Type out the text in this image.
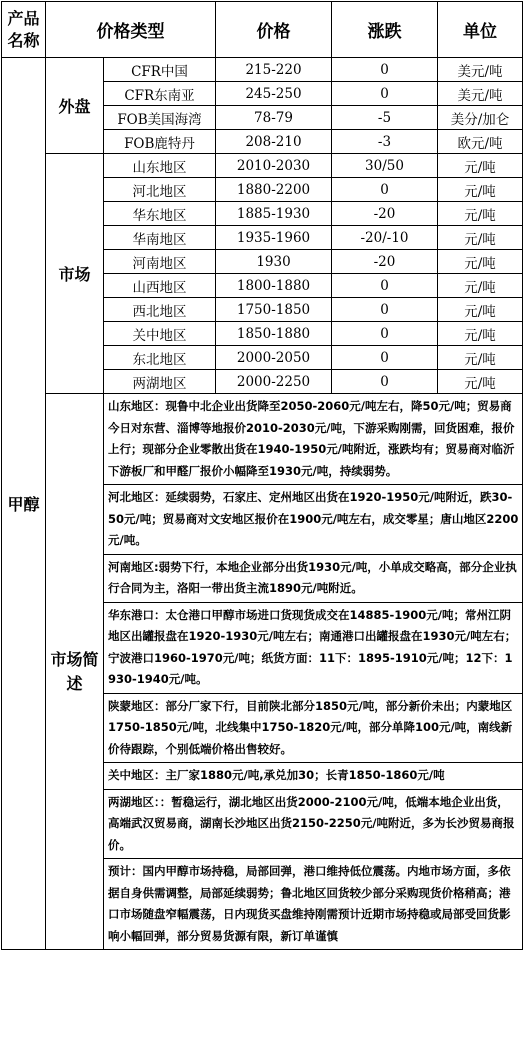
产品名称	价格类型		价格	涨跌	单位
甲醇	外盘	CFR中国	215-220	0	美元/吨
		CFR东南亚	245-250	0	美元/吨
		FOB美国海湾	78-79	-5	美分/加仑
		FOB鹿特丹	208-210	-3	欧元/吨
	市场	山东地区	2010-2030	30/50	元/吨
		河北地区	1880-2200	0	元/吨
		华东地区	1885-1930	-20	元/吨
		华南地区	1935-1960	-20/-10	元/吨
		河南地区	1930	-20	元/吨
		山西地区	1800-1880	0	元/吨
		西北地区	1750-1850	0	元/吨
		关中地区	1850-1880	0	元/吨
		东北地区	2000-2050	0	元/吨
		两湖地区	2000-2250	0	元/吨
	市场简述	山东地区：现鲁中北企业出货降至2050-2060元/吨左右，降50元/吨；贸易商今日对东营、淄博等地报价2010-2030元/吨，下游采购刚需，回货困难，报价上行；现部分企业零散出货在1940-1950元/吨附近，涨跌均有；贸易商对临沂下游板厂和甲醛厂报价小幅降至1930元/吨，持续弱势。			
		河北地区：延续弱势，石家庄、定州地区出货在1920-1950元/吨附近，跌30-50元/吨；贸易商对文安地区报价在1900元/吨左右，成交零星；唐山地区2200元/吨。			
		河南地区:弱势下行，本地企业部分出货1930元/吨，小单成交略高，部分企业执行合同为主，洛阳一带出货主流1890元/吨附近。			
		华东港口：太仓港口甲醇市场进口货现货成交在14885-1900元/吨；常州江阴地区出罐报盘在1920-1930元/吨左右；南通港口出罐报盘在1930元/吨左右；宁波港口1960-1970元/吨；纸货方面：11下：1895-1910元/吨；12下：1930-1940元/吨。			
		陕蒙地区：部分厂家下行，目前陕北部分1850元/吨，部分新价未出；内蒙地区1750-1850元/吨，北线集中1750-1820元/吨，部分单降100元/吨，南线新价待跟踪，个别低端价格出售较好。			
		关中地区：主厂家1880元/吨,承兑加30；长青1850-1860元/吨			
		两湖地区：：暂稳运行，湖北地区出货2000-2100元/吨，低端本地企业出货，高端武汉贸易商，湖南长沙地区出货2150-2250元/吨附近，多为长沙贸易商报价。			
		预计：国内甲醇市场持稳，局部回弹，港口维持低位震荡。内地市场方面，多依据自身供需调整，局部延续弱势；鲁北地区回货较少部分采购现货价格稍高；港口市场随盘窄幅震荡，日内现货买盘维持刚需预计近期市场持稳或局部受回货影响小幅回弹，部分贸易货源有限，新订单谨慎			
